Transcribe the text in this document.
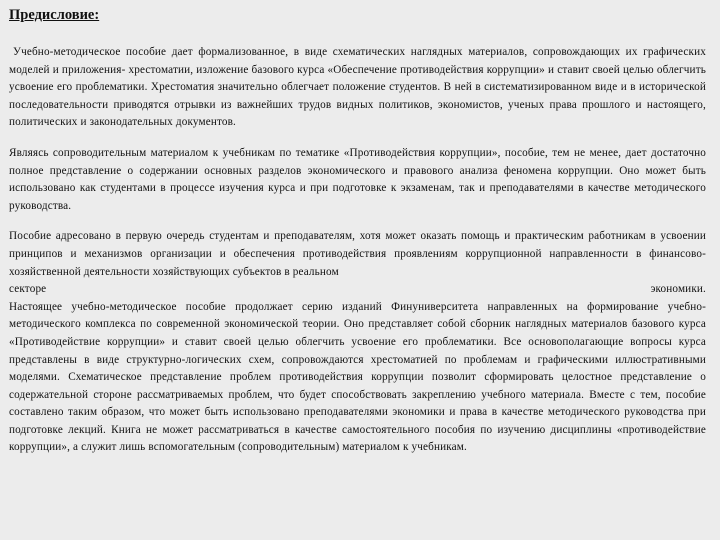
Предисловие:

Учебно-методическое пособие дает формализованное, в виде схематических наглядных материалов, сопровождающих их графических моделей и приложения- хрестоматии, изложение базового курса «Обеспечение противодействия коррупции» и ставит своей целью облегчить усвоение его проблематики. Хрестоматия значительно облегчает положение студентов. В ней в систематизированном виде и в исторической последовательности приводятся отрывки из важнейших трудов видных политиков, экономистов, ученых права прошлого и настоящего, политических и законодательных документов.

Являясь сопроводительным материалом к учебникам по тематике «Противодействия коррупции», пособие, тем не менее, дает достаточно полное представление о содержании основных разделов экономического и правового анализа феномена коррупции. Оно может быть использовано как студентами в процессе изучения курса и при подготовке к экзаменам, так и преподавателями в качестве методического руководства.

Пособие адресовано в первую очередь студентам и преподавателям, хотя может оказать помощь и практическим работникам в усвоении принципов и механизмов организации и обеспечения противодействия проявлениям коррупционной направленности в финансово-хозяйственной деятельности хозяйствующих субъектов в реальном

секторе	экономики.

Настоящее учебно-методическое пособие продолжает серию изданий Финуниверситета направленных на формирование учебно-методического комплекса по современной экономической теории. Оно представляет собой сборник наглядных материалов базового курса «Противодействие коррупции» и ставит своей целью облегчить усвоение его проблематики. Все основополагающие вопросы курса представлены в виде структурно-логических схем, сопровождаются хрестоматией по проблемам и графическими иллюстративными моделями. Схематическое представление проблем противодействия коррупции позволит сформировать целостное представление о содержательной стороне рассматриваемых проблем, что будет способствовать закреплению учебного материала. Вместе с тем, пособие составлено таким образом, что может быть использовано преподавателями экономики и права в качестве методического руководства при подготовке лекций. Книга не может рассматриваться в качестве самостоятельного пособия по изучению дисциплины «противодействие коррупции», а служит лишь вспомогательным (сопроводительным) материалом к учебникам.
